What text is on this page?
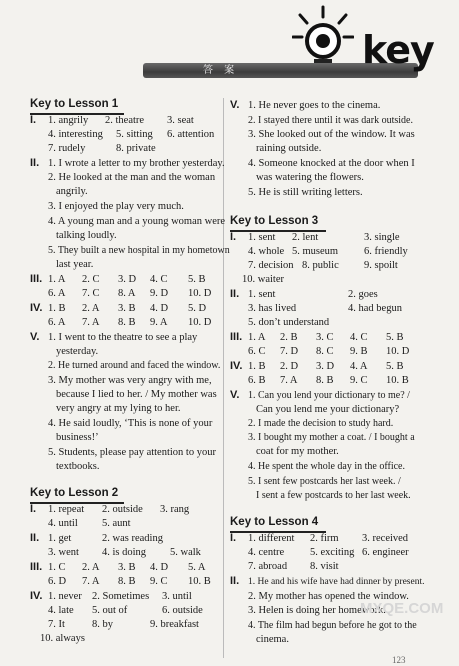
答 案	key
Key to Lesson 1
I. 1. angrily 2. theatre 3. seat
4. interesting 5. sitting 6. attention
7. rudely	8. private
II. 1. I wrote a letter to my brother yesterday.
2. He looked at the man and the woman
angrily.
3. I enjoyed the play very much.
4. A young man and a young woman were
talking loudly.
5. They built a new hospital in my hometown
last year.
III. 1. A 2. C 3. D 4. C 5. B
6. A 7. C 8. A 9. D 10. D
IV. 1. B 2. A 3. B 4. D 5. D
6. A 7. A 8. B 9. A 10. D
V. 1. I went to the theatre to see a play
yesterday.
2. He turned around and faced the window.
3. My mother was very angry with me,
because I lied to her. / My mother was
very angry at my lying to her.
4. He said loudly, ‘This is none of your
business!’
5. Students, please pay attention to your
textbooks.
Key to Lesson 2
I. 1. repeat 2. outside 3. rang
4. until 5. aunt
II. 1. get	2. was reading
3. went 4. is doing 5. walk
III. 1. C 2. A 3. B 4. D 5. A
6. D 7. A 8. B 9. C 10. B
IV. 1. never 2. Sometimes 3. until
4. late 5. out of	6. outside
7. It	8. by	9. breakfast
10. always
V. 1. He never goes to the cinema.
2. I stayed there until it was dark outside.
3. She looked out of the window. It was
raining outside.
4. Someone knocked at the door when I
was watering the flowers.
5. He is still writing letters.
Key to Lesson 3
I. 1. sent 2. lent	3. single
4. whole 5. museum 6. friendly
7. decision 8. public 9. spoilt
10. waiter
II. 1. sent	2. goes
3. has lived	4. had begun
5. don’t understand
III. 1. A 2. B 3. C 4. C 5. B
6. C 7. D 8. C 9. B 10. D
IV. 1. B 2. D 3. D 4. A 5. B
6. B 7. A 8. B 9. C 10. B
V. 1. Can you lend your dictionary to me? /
Can you lend me your dictionary?
2. I made the decision to study hard.
3. I bought my mother a coat. / I bought a
coat for my mother.
4. He spent the whole day in the office.
5. I sent few postcards her last week. /
I sent a few postcards to her last week.
Key to Lesson 4
I. 1. different 2. firm 3. received
4. centre 5. exciting 6. engineer
7. abroad 8. visit
II. 1. He and his wife have had dinner by present.
2. My mother has opened the window.
3. Helen is doing her homework.
4. The film had begun before he got to the
cinema.
MXQE.COM
123
